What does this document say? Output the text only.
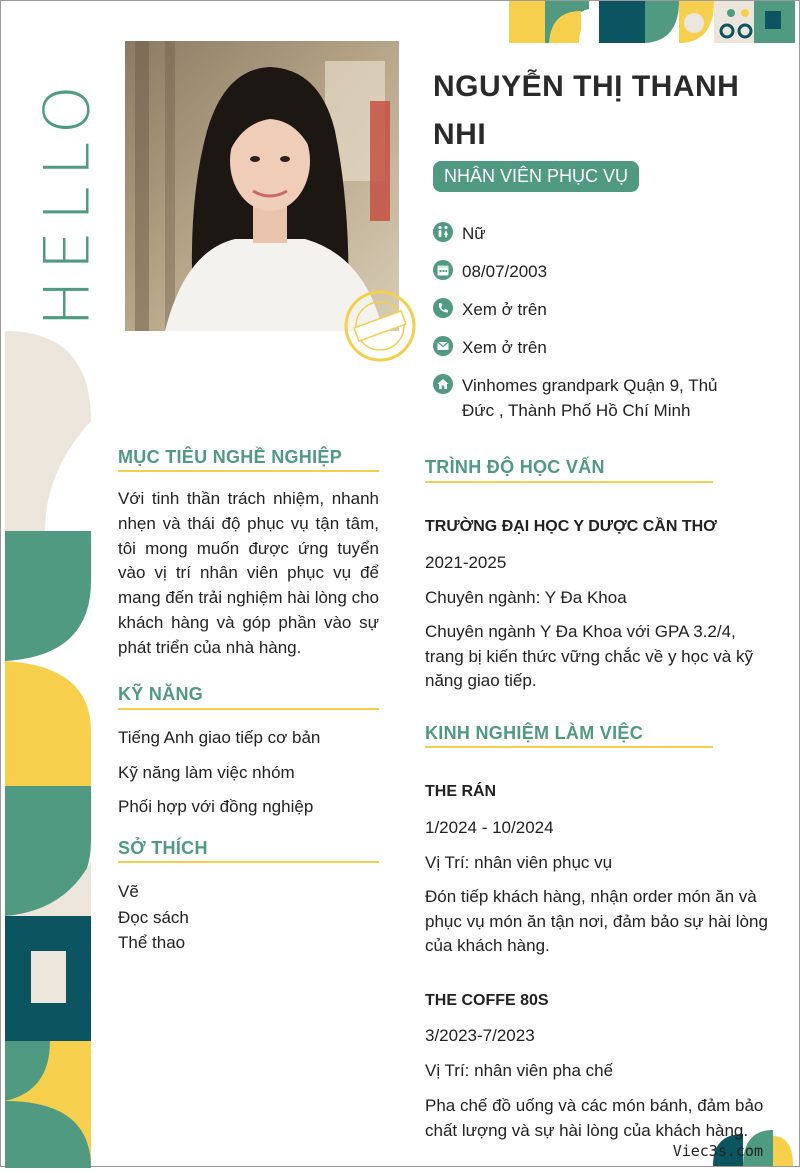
HELLO	NGUYỄN THỊ THANH NHI
NHÂN VIÊN PHỤC VỤ
Nữ
08/07/2003
Xem ở trên
Xem ở trên
Vinhomes grandpark Quận 9, Thủ Đức , Thành Phố Hồ Chí Minh
MỤC TIÊU NGHỀ NGHIỆP
Với tinh thần trách nhiệm, nhanh nhẹn và thái độ phục vụ tận tâm, tôi mong muốn được ứng tuyển vào vị trí nhân viên phục vụ để mang đến trải nghiệm hài lòng cho khách hàng và góp phần vào sự phát triển của nhà hàng.
KỸ NĂNG
Tiếng Anh giao tiếp cơ bản
Kỹ năng làm việc nhóm
Phối hợp với đồng nghiệp
SỞ THÍCH
Vẽ
Đọc sách
Thể thao
TRÌNH ĐỘ HỌC VẤN
TRƯỜNG ĐẠI HỌC Y DƯỢC CẦN THƠ
2021-2025
Chuyên ngành: Y Đa Khoa
Chuyên ngành Y Đa Khoa với GPA 3.2/4, trang bị kiến thức vững chắc về y học và kỹ năng giao tiếp.
KINH NGHIỆM LÀM VIỆC
THE RÁN
1/2024 - 10/2024
Vị Trí: nhân viên phục vụ
Đón tiếp khách hàng, nhận order món ăn và phục vụ món ăn tận nơi, đảm bảo sự hài lòng của khách hàng.
THE COFFE 80S
3/2023-7/2023
Vị Trí: nhân viên pha chế
Pha chế đồ uống và các món bánh, đảm bảo chất lượng và sự hài lòng của khách hàng.
Viec3s.com
